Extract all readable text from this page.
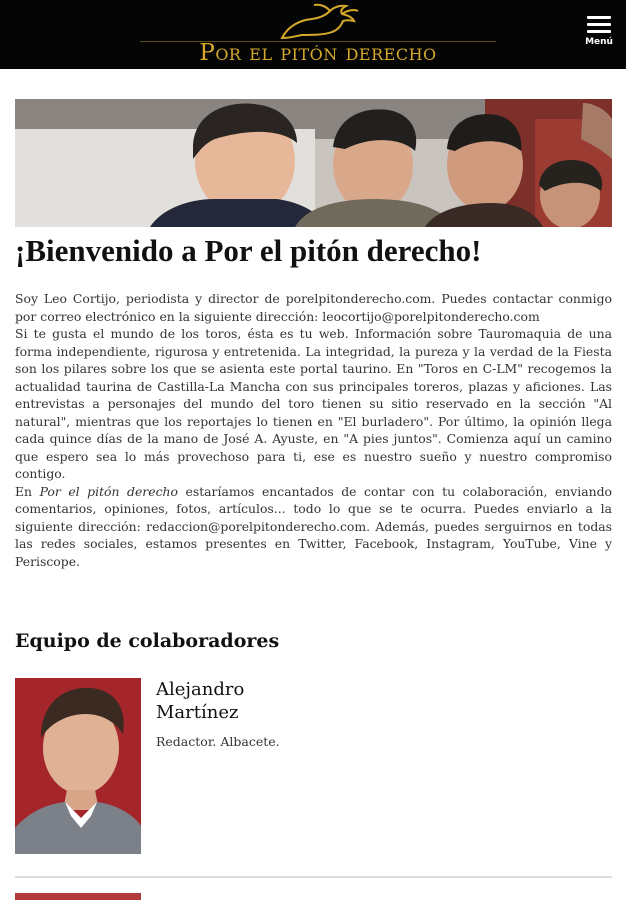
Por el pitón derecho	Menú
¡Bienvenido a Por el pitón derecho!

Soy Leo Cortijo, periodista y director de porelpitonderecho.com. Puedes contactar conmigo por correo electrónico en la siguiente dirección: leocortijo@porelpitonderecho.com

Si te gusta el mundo de los toros, ésta es tu web. Información sobre Tauromaquia de una forma independiente, rigurosa y entretenida. La integridad, la pureza y la verdad de la Fiesta son los pilares sobre los que se asienta este portal taurino. En "Toros en C-LM" recogemos la actualidad taurina de Castilla-La Mancha con sus principales toreros, plazas y aficiones. Las entrevistas a personajes del mundo del toro tienen su sitio reservado en la sección "Al natural", mientras que los reportajes lo tienen en "El burladero". Por último, la opinión llega cada quince días de la mano de José A. Ayuste, en "A pies juntos". Comienza aquí un camino que espero sea lo más provechoso para ti, ese es nuestro sueño y nuestro compromiso contigo.

En Por el pitón derecho estaríamos encantados de contar con tu colaboración, enviando comentarios, opiniones, fotos, artículos... todo lo que se te ocurra. Puedes enviarlo a la siguiente dirección: redaccion@porelpitonderecho.com. Además, puedes serguirnos en todas las redes sociales, estamos presentes en Twitter, Facebook, Instagram, YouTube, Vine y Periscope.

Equipo de colaboradores
Alejandro Martínez
Redactor. Albacete.
